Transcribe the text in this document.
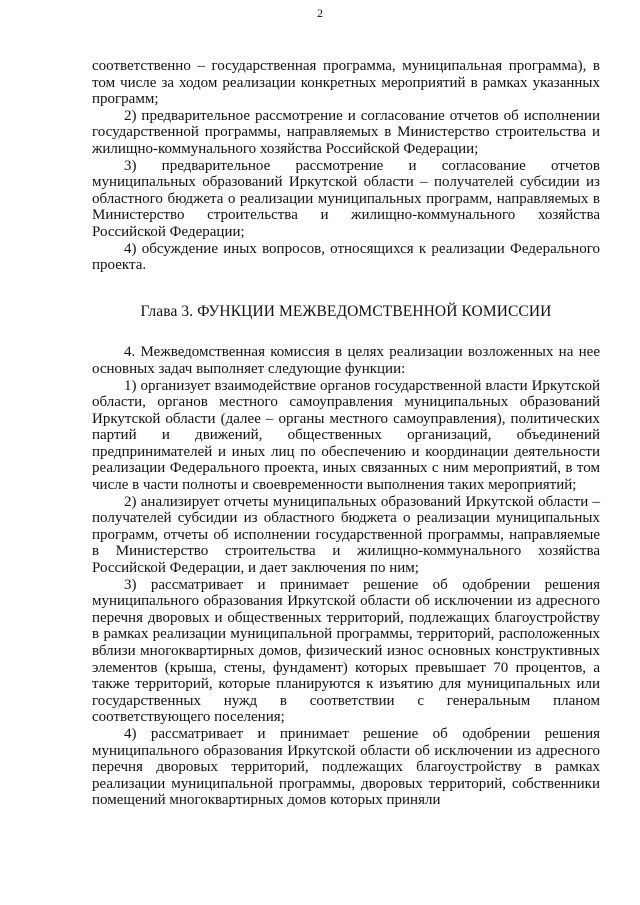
2

соответственно – государственная программа, муниципальная программа), в том числе за ходом реализации конкретных мероприятий в рамках указанных программ;

2) предварительное рассмотрение и согласование отчетов об исполнении государственной программы, направляемых в Министерство строительства и жилищно-коммунального хозяйства Российской Федерации;

3) предварительное рассмотрение и согласование отчетов муниципальных образований Иркутской области – получателей субсидии из областного бюджета о реализации муниципальных программ, направляемых в Министерство строительства и жилищно-коммунального хозяйства Российской Федерации;

4) обсуждение иных вопросов, относящихся к реализации Федерального проекта.

Глава 3. ФУНКЦИИ МЕЖВЕДОМСТВЕННОЙ КОМИССИИ

4. Межведомственная комиссия в целях реализации возложенных на нее основных задач выполняет следующие функции:

1) организует взаимодействие органов государственной власти Иркутской области, органов местного самоуправления муниципальных образований Иркутской области (далее – органы местного самоуправления), политических партий и движений, общественных организаций, объединений предпринимателей и иных лиц по обеспечению и координации деятельности реализации Федерального проекта, иных связанных с ним мероприятий, в том числе в части полноты и своевременности выполнения таких мероприятий;

2) анализирует отчеты муниципальных образований Иркутской области – получателей субсидии из областного бюджета о реализации муниципальных программ, отчеты об исполнении государственной программы, направляемые в Министерство строительства и жилищно-коммунального хозяйства Российской Федерации, и дает заключения по ним;

3) рассматривает и принимает решение об одобрении решения муниципального образования Иркутской области об исключении из адресного перечня дворовых и общественных территорий, подлежащих благоустройству в рамках реализации муниципальной программы, территорий, расположенных вблизи многоквартирных домов, физический износ основных конструктивных элементов (крыша, стены, фундамент) которых превышает 70 процентов, а также территорий, которые планируются к изъятию для муниципальных или государственных нужд в соответствии с генеральным планом соответствующего поселения;

4) рассматривает и принимает решение об одобрении решения муниципального образования Иркутской области об исключении из адресного перечня дворовых территорий, подлежащих благоустройству в рамках реализации муниципальной программы, дворовых территорий, собственники помещений многоквартирных домов которых приняли
